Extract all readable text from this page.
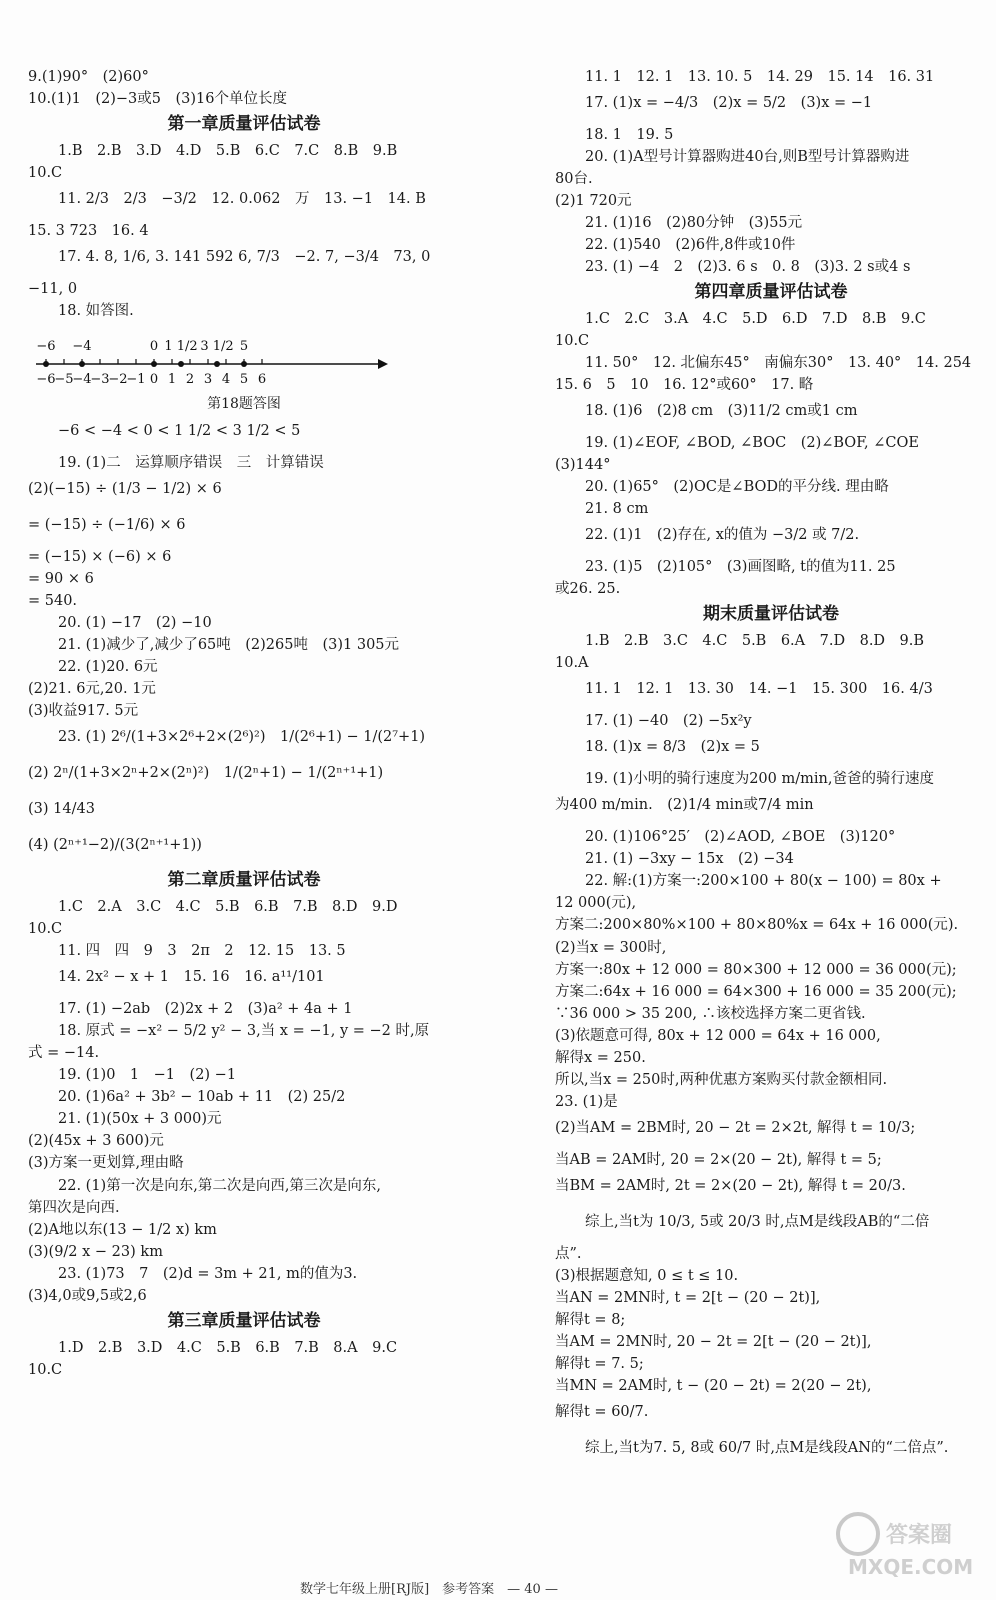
9.(1)90°　(2)60°
10.(1)1　(2)−3或5　(3)16个单位长度
第一章质量评估试卷
1.B　2.B　3.D　4.D　5.B　6.C　7.C　8.B　9.B
10.C
11. 2/3　2/3　−3/2　12. 0.062　万　13. −1　14. B
15. 3 723　16. 4
17. 4. 8, 1/6, 3. 141 592 6, 7/3　−2. 7, −3/4　73, 0
−11, 0
18. 如答图.
−6
−5
−4
−3
−2
−1 0 1 2 3 4 5 6
−6 −4	0 1 1/2 3 1/2 5
第18题答图
−6 < −4 < 0 < 1 1/2 < 3 1/2 < 5
19. (1)二　运算顺序错误　三　计算错误
(2)(−15) ÷ (1/3 − 1/2) × 6
= (−15) ÷ (−1/6) × 6
= (−15) × (−6) × 6
= 90 × 6
= 540.
20. (1) −17　(2) −10
21. (1)减少了,减少了65吨　(2)265吨　(3)1 305元
22. (1)20. 6元
(2)21. 6元,20. 1元
(3)收益917. 5元
23. (1) 2⁶/(1+3×2⁶+2×(2⁶)²)　1/(2⁶+1) − 1/(2⁷+1)
(2) 2ⁿ/(1+3×2ⁿ+2×(2ⁿ)²)　1/(2ⁿ+1) − 1/(2ⁿ⁺¹+1)
(3) 14/43
(4) (2ⁿ⁺¹−2)/(3(2ⁿ⁺¹+1))
第二章质量评估试卷
1.C　2.A　3.C　4.C　5.B　6.B　7.B　8.D　9.D
10.C
11. 四　四　9　3　2π　2　12. 15　13. 5
14. 2x² − x + 1　15. 16　16. a¹¹/101
17. (1) −2ab　(2)2x + 2　(3)a² + 4a + 1
18. 原式 = −x² − 5/2 y² − 3,当 x = −1, y = −2 时,原
式 = −14.
19. (1)0　1　−1　(2) −1
20. (1)6a² + 3b² − 10ab + 11　(2) 25/2
21. (1)(50x + 3 000)元
(2)(45x + 3 600)元
(3)方案一更划算,理由略
22. (1)第一次是向东,第二次是向西,第三次是向东,
第四次是向西.
(2)A地以东(13 − 1/2 x) km
(3)(9/2 x − 23) km
23. (1)73　7　(2)d = 3m + 21, m的值为3.
(3)4,0或9,5或2,6
第三章质量评估试卷
1.D　2.B　3.D　4.C　5.B　6.B　7.B　8.A　9.C
10.C
11. 1　12. 1　13. 10. 5　14. 29　15. 14　16. 31
17. (1)x = −4/3　(2)x = 5/2　(3)x = −1
18. 1　19. 5
20. (1)A型号计算器购进40台,则B型号计算器购进
80台.
(2)1 720元
21. (1)16　(2)80分钟　(3)55元
22. (1)540　(2)6件,8件或10件
23. (1) −4　2　(2)3. 6 s　0. 8　(3)3. 2 s或4 s
第四章质量评估试卷
1.C　2.C　3.A　4.C　5.D　6.D　7.D　8.B　9.C
10.C
11. 50°　12. 北偏东45°　南偏东30°　13. 40°　14. 254
15. 6　5　10　16. 12°或60°　17. 略
18. (1)6　(2)8 cm　(3)11/2 cm或1 cm
19. (1)∠EOF, ∠BOD, ∠BOC　(2)∠BOF, ∠COE
(3)144°
20. (1)65°　(2)OC是∠BOD的平分线. 理由略
21. 8 cm
22. (1)1　(2)存在, x的值为 −3/2 或 7/2.
23. (1)5　(2)105°　(3)画图略, t的值为11. 25
或26. 25.
期末质量评估试卷
1.B　2.B　3.C　4.C　5.B　6.A　7.D　8.D　9.B
10.A
11. 1　12. 1　13. 30　14. −1　15. 300　16. 4/3
17. (1) −40　(2) −5x²y
18. (1)x = 8/3　(2)x = 5
19. (1)小明的骑行速度为200 m/min,爸爸的骑行速度
为400 m/min.　(2)1/4 min或7/4 min
20. (1)106°25′　(2)∠AOD, ∠BOE　(3)120°
21. (1) −3xy − 15x　(2) −34
22. 解:(1)方案一:200×100 + 80(x − 100) = 80x +
12 000(元),
方案二:200×80%×100 + 80×80%x = 64x + 16 000(元).
(2)当x = 300时,
方案一:80x + 12 000 = 80×300 + 12 000 = 36 000(元);
方案二:64x + 16 000 = 64×300 + 16 000 = 35 200(元);
∵36 000 > 35 200, ∴该校选择方案二更省钱.
(3)依题意可得, 80x + 12 000 = 64x + 16 000,
解得x = 250.
所以,当x = 250时,两种优惠方案购买付款金额相同.
23. (1)是
(2)当AM = 2BM时, 20 − 2t = 2×2t, 解得 t = 10/3;
当AB = 2AM时, 20 = 2×(20 − 2t), 解得 t = 5;
当BM = 2AM时, 2t = 2×(20 − 2t), 解得 t = 20/3.
综上,当t为 10/3, 5或 20/3 时,点M是线段AB的“二倍
点”.
(3)根据题意知, 0 ≤ t ≤ 10.
当AN = 2MN时, t = 2[t − (20 − 2t)],
解得t = 8;
当AM = 2MN时, 20 − 2t = 2[t − (20 − 2t)],
解得t = 7. 5;
当MN = 2AM时, t − (20 − 2t) = 2(20 − 2t),
解得t = 60/7.
综上,当t为7. 5, 8或 60/7 时,点M是线段AN的“二倍点”.
数学七年级上册[RJ版]　参考答案　— 40 —
答案圈
MXQE.COM
